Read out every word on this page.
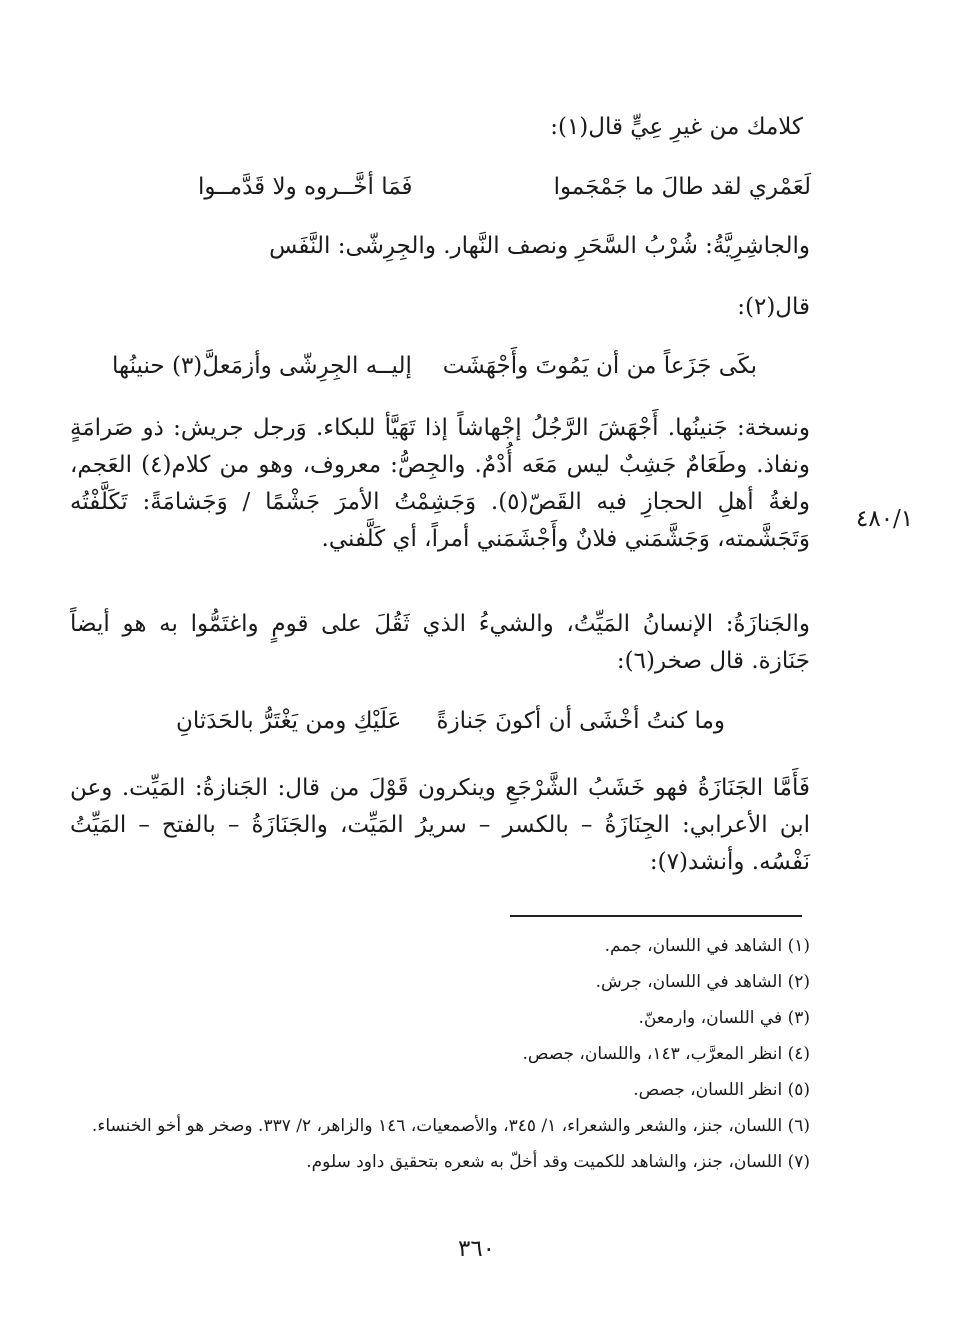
كلامك من غيرِ عِيٍّ قال(١):
لَعَمْري لقد طالَ ما جَمْجَموا
فَمَا أخَّــروه ولا قَدَّمــوا
والجاشِرِيَّةُ: شُرْبُ السَّحَرِ ونصف النَّهار. والجِرِشّى: النَّفَس
قال(٢):
بكَى جَزَعاً من أن يَمُوتَ وأَجْهَشَت
إليــه الجِرِشّى وأزمَعلَّ(٣) حنينُها

ونسخة: جَنينُها. أَجْهَشَ الرَّجُلُ إجْهاشاً إذا تَهَيَّأ للبكاء. وَرجل جريش: ذو صَرامَةٍ ونفاذ. وطَعَامٌ جَشِبٌ ليس مَعَه أُدْمٌ. والجِصُّ: معروف، وهو من كلام(٤) العَجم، ولغةُ أهلِ الحجازِ فيه القَصّ(٥). وَجَشِمْتُ الأمرَ جَشْمًا / وَجَشامَةً: تَكَلَّفْتُه وَتَجَشَّمته، وَجَشَّمَني فلانٌ وأَجْشَمَني أمراً، أي كَلَّفني.

٤٨٠/١

والجَنازَةُ: الإنسانُ المَيِّتُ، والشيءُ الذي ثَقُلَ على قومٍ واغتَمُّوا به هو أيضاً جَنَازة. قال صخر(٦):

وما كنتُ أخْشَى أن أكونَ جَنازةً
عَلَيْكِ ومن يَغْتَرُّ بالحَدَثانِ

فَأَمَّا الجَنَازَةُ فهو خَشَبُ الشَّرْجَعِ وينكرون قَوْلَ من قال: الجَنازةُ: المَيِّت. وعن ابن الأعرابي: الجِنَازَةُ – بالكسر – سريرُ المَيِّت، والجَنَازَةُ – بالفتح – المَيِّتُ نَفْسُه. وأنشد(٧):

(١) الشاهد في اللسان، جمم.

(٢) الشاهد في اللسان، جرش.

(٣) في اللسان، وارمعنّ.

(٤) انظر المعرَّب، ١٤٣، واللسان، جصص.

(٥) انظر اللسان، جصص.

(٦) اللسان، جنز، والشعر والشعراء، ١/ ٣٤٥، والأصمعيات، ١٤٦ والزاهر، ٢/ ٣٣٧. وصخر هو أخو الخنساء.

(٧) اللسان، جنز، والشاهد للكميت وقد أخلّ به شعره بتحقيق داود سلوم.

٣٦٠
